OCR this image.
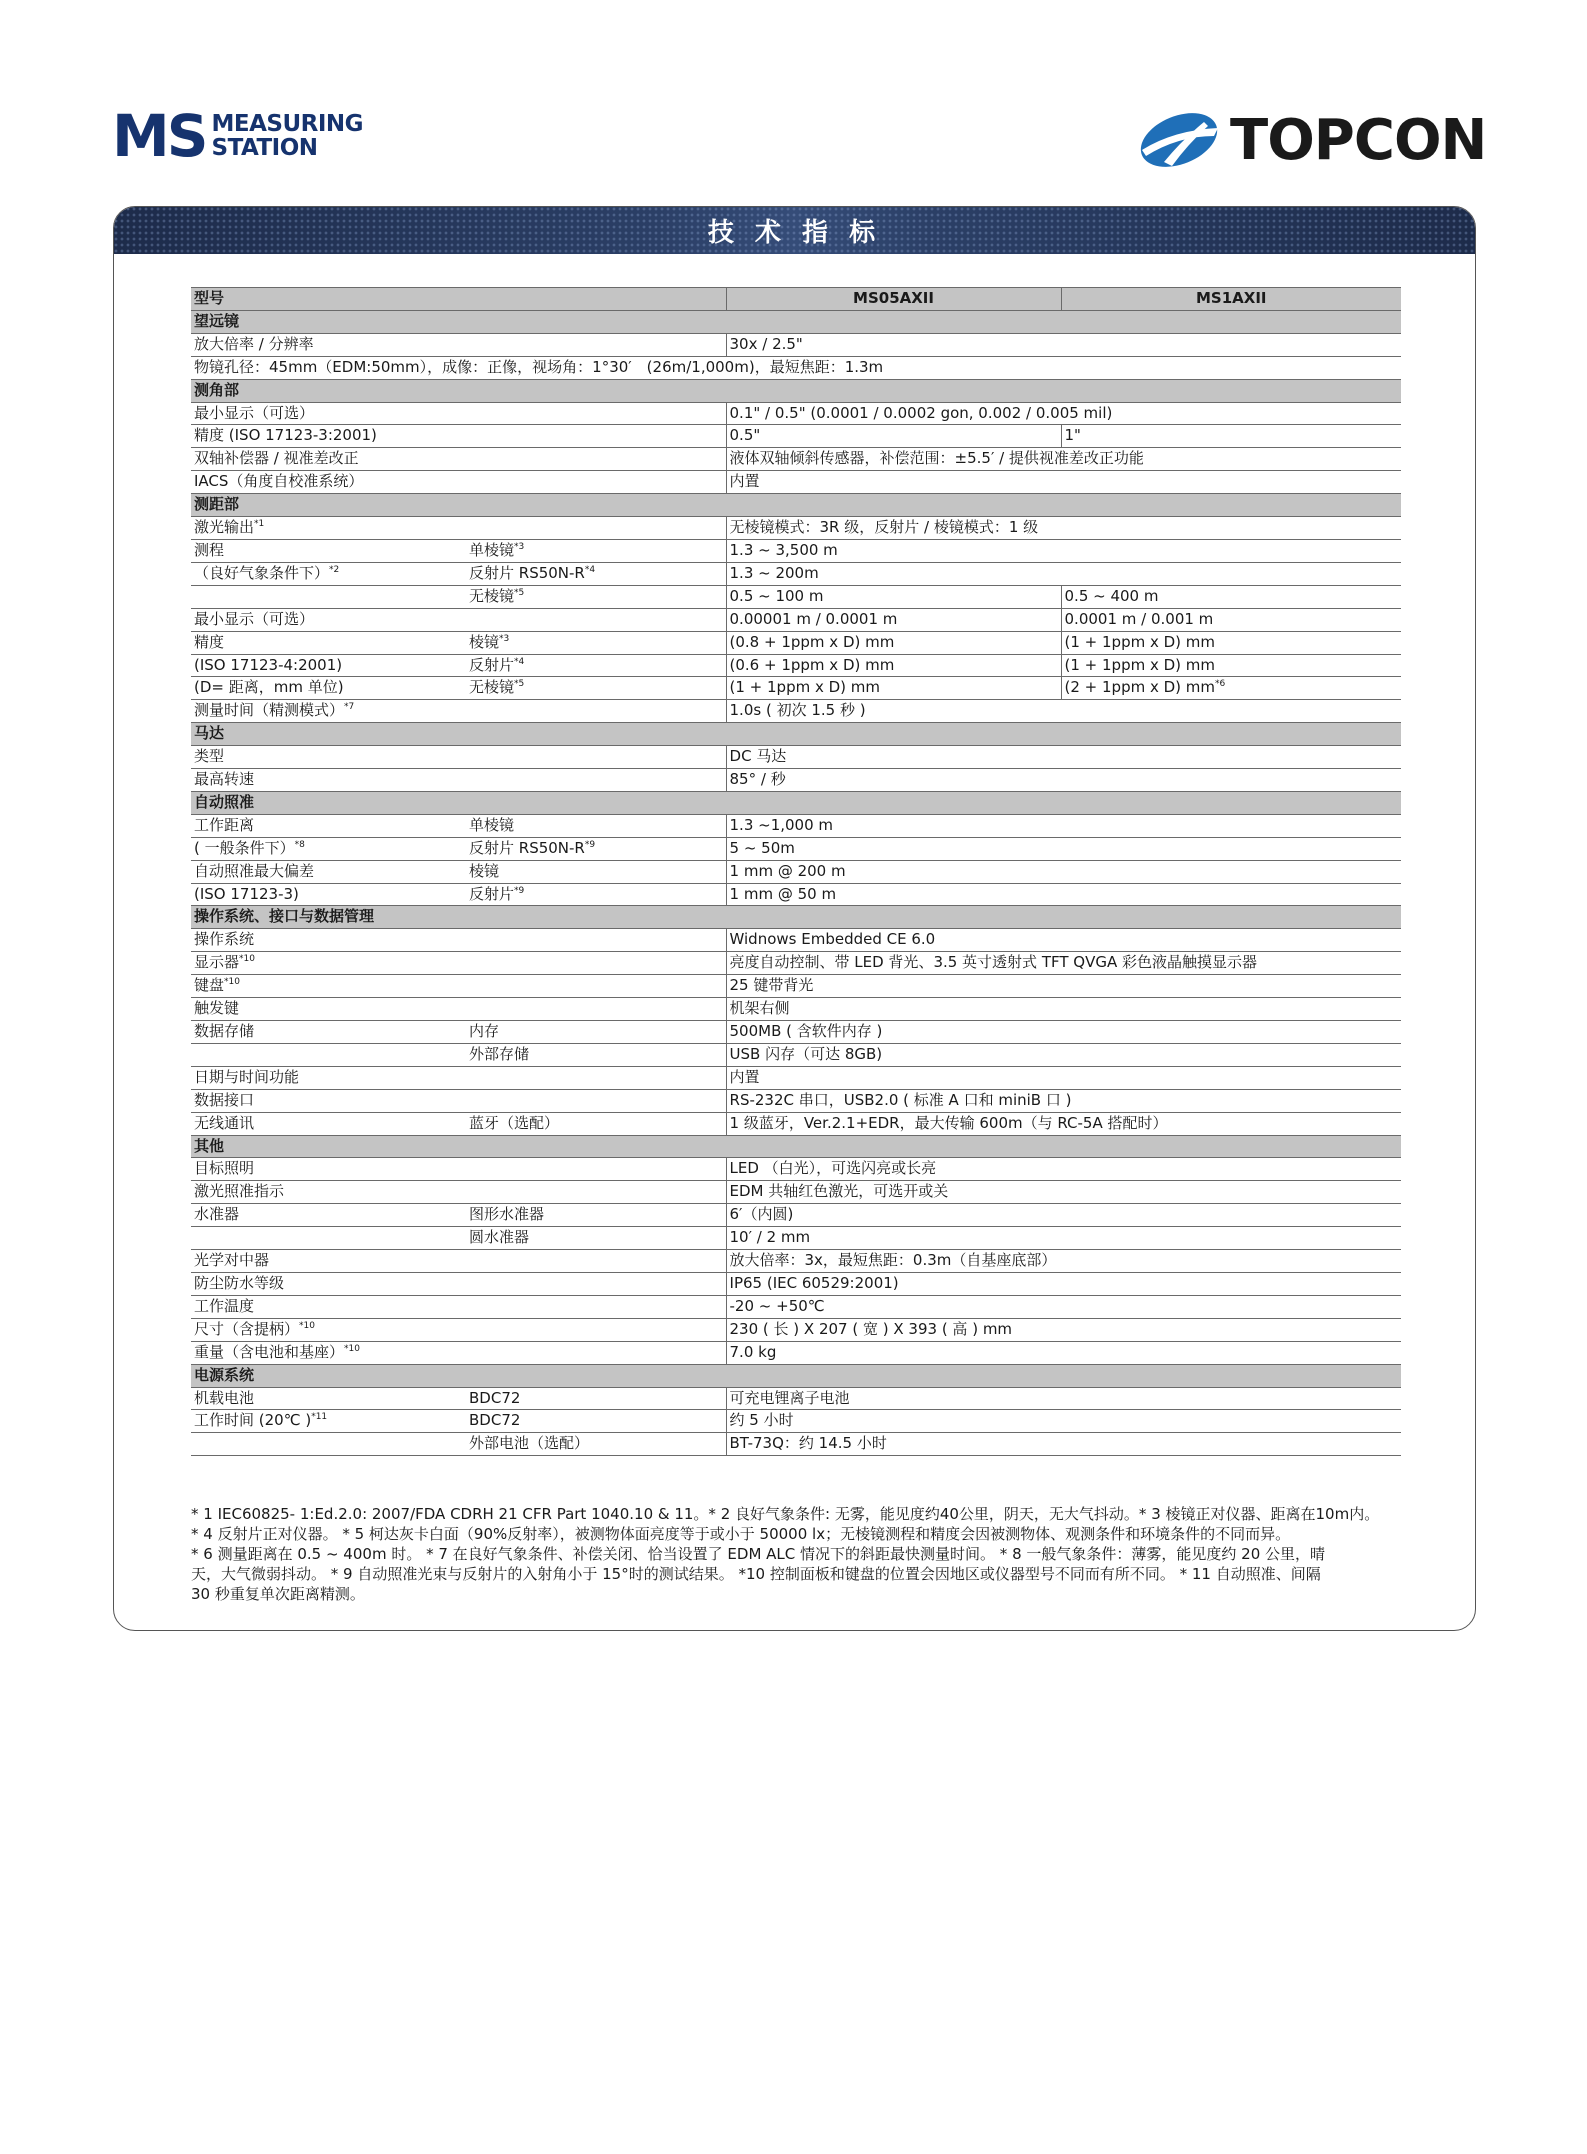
MS MEASURING
STATION	TOPCON
技 术 指 标
型号		MS05AXII	MS1AXII
望远镜			
放大倍率 / 分辨率		30x / 2.5"	
物镜孔径：45mm（EDM:50mm），成像：正像，视场角：1°30′　(26m/1,000m)，最短焦距：1.3m			
测角部			
最小显示（可选）		0.1" / 0.5" (0.0001 / 0.0002 gon, 0.002 / 0.005 mil)	
精度 (ISO 17123-3:2001)		0.5"	1"
双轴补偿器 / 视准差改正		液体双轴倾斜传感器，补偿范围：±5.5′ / 提供视准差改正功能	
IACS（角度自校准系统）		内置	
测距部			
激光输出$^{*1}$		无棱镜模式：3R 级，反射片 / 棱镜模式：1 级	
测程	单棱镜$^{*3}$	1.3 ~ 3,500 m	
（良好气象条件下）$^{*2}$	反射片 $RS50N-R^{*4}$	1.3 ~ 200m	
	无棱镜$^{*5}$	0.5 ~ 100 m	0.5 ~ 400 m
最小显示（可选）		0.00001 m / 0.0001 m	0.0001 m / 0.001 m
精度	棱镜$^{*3}$	(0.8 + 1ppm x D) mm	(1 + 1ppm x D) mm
(ISO 17123-4:2001)	反射片$^{*4}$	(0.6 + 1ppm x D) mm	(1 + 1ppm x D) mm
(D= 距离，mm 单位)	无棱镜$^{*5}$	(1 + 1ppm x D) mm	(2 + 1ppm x D) $mm^{*6}$
测量时间（精测模式）$^{*7}$		1.0s ( 初次 1.5 秒 )	
马达			
类型		DC 马达	
最高转速		85° / 秒	
自动照准			
工作距离	单棱镜	1.3 ~1,000 m	
( 一般条件下）$^{*8}$	反射片 $RS50N-R^{*9}$	5 ~ 50m	
自动照准最大偏差	棱镜	1 mm @ 200 m	
(ISO 17123-3)	反射片$^{*9}$	1 mm @ 50 m	
操作系统、接口与数据管理			
操作系统		Widnows Embedded CE 6.0	
显示器$^{*10}$		亮度自动控制、带 LED 背光、3.5 英寸透射式 TFT QVGA 彩色液晶触摸显示器	
键盘$^{*10}$		25 键带背光	
触发键		机架右侧	
数据存储	内存	500MB ( 含软件内存 )	
	外部存储	USB 闪存（可达 8GB)	
日期与时间功能		内置	
数据接口		RS-232C 串口，USB2.0 ( 标准 A 口和 miniB 口 )	
无线通讯	蓝牙（选配）	1 级蓝牙，Ver.2.1+EDR，最大传输 600m（与 RC-5A 搭配时）	
其他			
目标照明		LED （白光），可选闪亮或长亮	
激光照准指示		EDM 共轴红色激光，可选开或关	
水准器	图形水准器	6′（内圆)	
	圆水准器	10′ / 2 mm	
光学对中器		放大倍率：3x，最短焦距：0.3m（自基座底部）	
防尘防水等级		IP65 (IEC 60529:2001)	
工作温度		-20 ~ +50℃	
尺寸（含提柄）$^{*10}$		230 ( 长 ) X 207 ( 宽 ) X 393 ( 高 ) mm	
重量（含电池和基座）$^{*10}$		7.0 kg	
电源系统			
机载电池	BDC72	可充电锂离子电池	
工作时间 (20℃ )$^{*11}$	BDC72	约 5 小时	
	外部电池（选配）	BT-73Q：约 14.5 小时	

* 1 IEC60825- 1:Ed.2.0: 2007/FDA CDRH 21 CFR Part 1040.10 & 11。* 2 良好气象条件: 无雾，能见度约40公里，阴天，无大气抖动。* 3 棱镜正对仪器、距离在10m内。

* 4 反射片正对仪器。 * 5 柯达灰卡白面（90%反射率），被测物体面亮度等于或小于 50000 lx；无棱镜测程和精度会因被测物体、观测条件和环境条件的不同而异。

* 6 测量距离在 0.5 ~ 400m 时。 * 7 在良好气象条件、补偿关闭、恰当设置了 EDM ALC 情况下的斜距最快测量时间。 * 8 一般气象条件：薄雾，能见度约 20 公里，晴

天，大气微弱抖动。 * 9 自动照准光束与反射片的入射角小于 15°时的测试结果。 *10 控制面板和键盘的位置会因地区或仪器型号不同而有所不同。 * 11 自动照准、间隔

30 秒重复单次距离精测。
